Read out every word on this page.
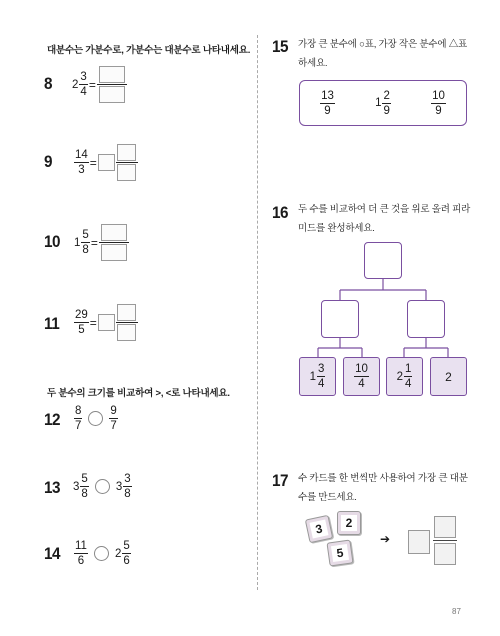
대분수는 가분수로, 가분수는 대분수로 나타내세요.
8 $2 \frac{3}{4}$ =
$9 \frac{14}{3}$ =
10 $1 \frac{5}{8}$ =
$11 \frac{29}{5}$ =
두 분수의 크기를 비교하여 >, <로 나타내세요.
$12 \frac{8}{7} \frac{9}{7}$
13 $3 \frac{5}{8} 3 \frac{3}{8}$
$14 \frac{11}{6} 2 \frac{5}{6}$
15 가장 큰 분수에 ○표, 가장 작은 분수에 △표
하세요.
$\frac{13}{9}$	$1 \frac{2}{9}$	$\frac{10}{9}$
16 두 수를 비교하여 더 큰 것을 위로 올려 피라
미드를 완성하세요.
$1 \frac{3}{4} \frac{10}{4} 2 \frac{1}{4}$	2
17 수 카드를 한 번씩만 사용하여 가장 큰 대분
수를 만드세요.
3	2
5
➔
87
